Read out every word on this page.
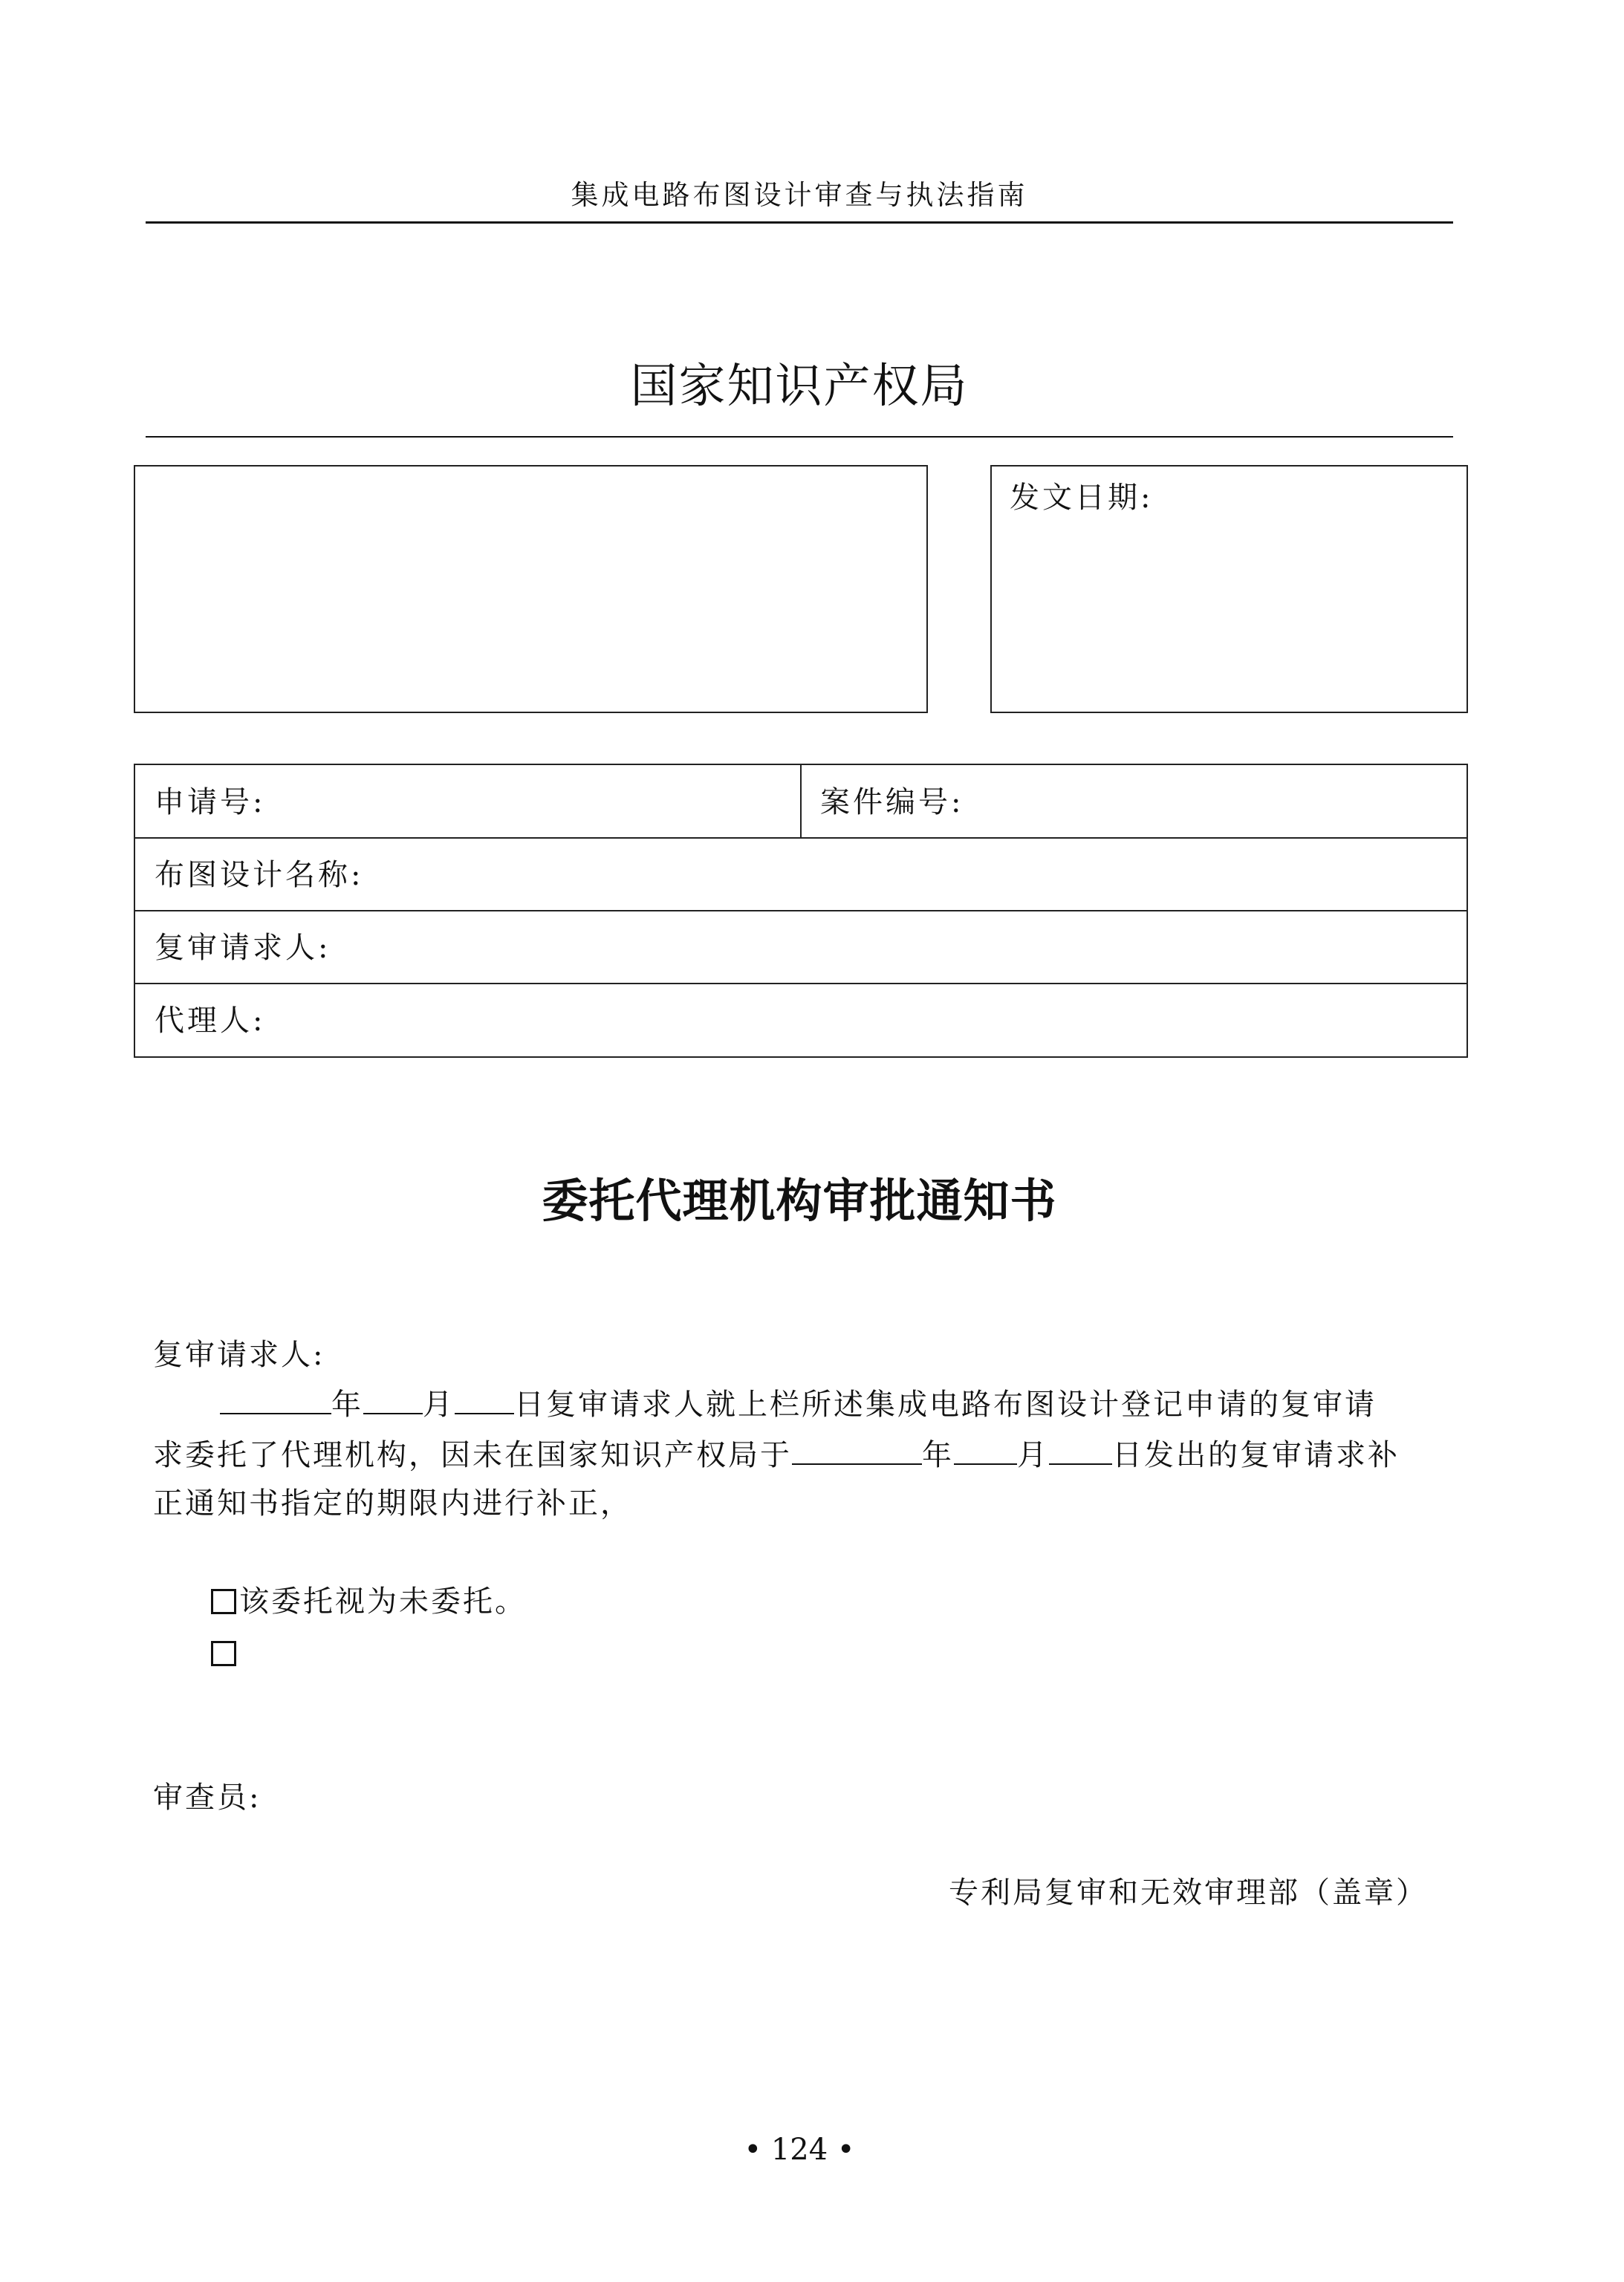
集成电路布图设计审查与执法指南
国家知识产权局
发文日期:
申请号:	案件编号:
布图设计名称:
复审请求人:
代理人:
委托代理机构审批通知书
复审请求人:
年 月 日复审请求人就上栏所述集成电路布图设计登记申请的复审请
求委托了代理机构，因未在国家知识产权局于	年 月 日发出的复审请求补
正通知书指定的期限内进行补正，
该委托视为未委托。
审查员:
专利局复审和无效审理部（盖章）
• 124 •
